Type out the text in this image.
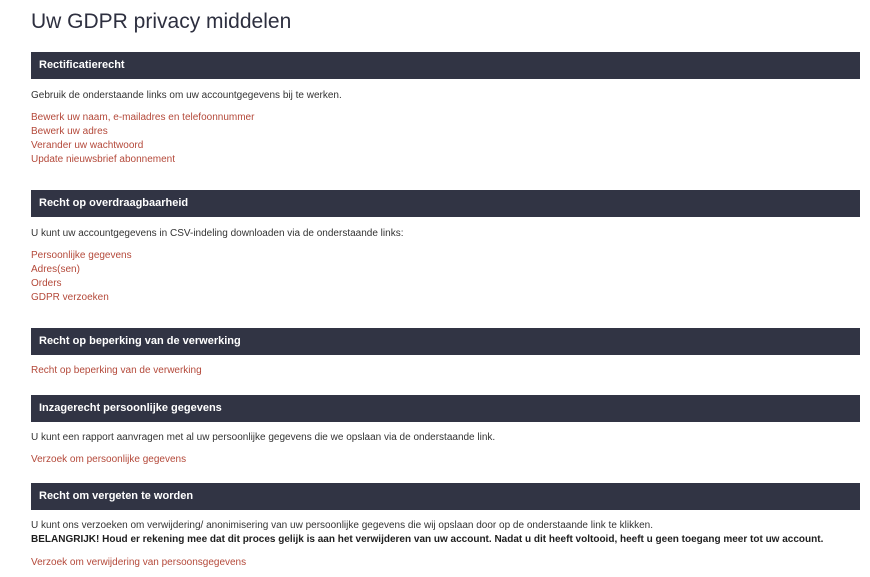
Uw GDPR privacy middelen
Rectificatierecht
Gebruik de onderstaande links om uw accountgegevens bij te werken.
Bewerk uw naam, e-mailadres en telefoonnummer
Bewerk uw adres
Verander uw wachtwoord
Update nieuwsbrief abonnement
Recht op overdraagbaarheid
U kunt uw accountgegevens in CSV-indeling downloaden via de onderstaande links:
Persoonlijke gegevens
Adres(sen)
Orders
GDPR verzoeken
Recht op beperking van de verwerking
Recht op beperking van de verwerking
Inzagerecht persoonlijke gegevens
U kunt een rapport aanvragen met al uw persoonlijke gegevens die we opslaan via de onderstaande link.
Verzoek om persoonlijke gegevens
Recht om vergeten te worden
U kunt ons verzoeken om verwijdering/ anonimisering van uw persoonlijke gegevens die wij opslaan door op de onderstaande link te klikken.
BELANGRIJK! Houd er rekening mee dat dit proces gelijk is aan het verwijderen van uw account. Nadat u dit heeft voltooid, heeft u geen toegang meer tot uw account.
Verzoek om verwijdering van persoonsgegevens
